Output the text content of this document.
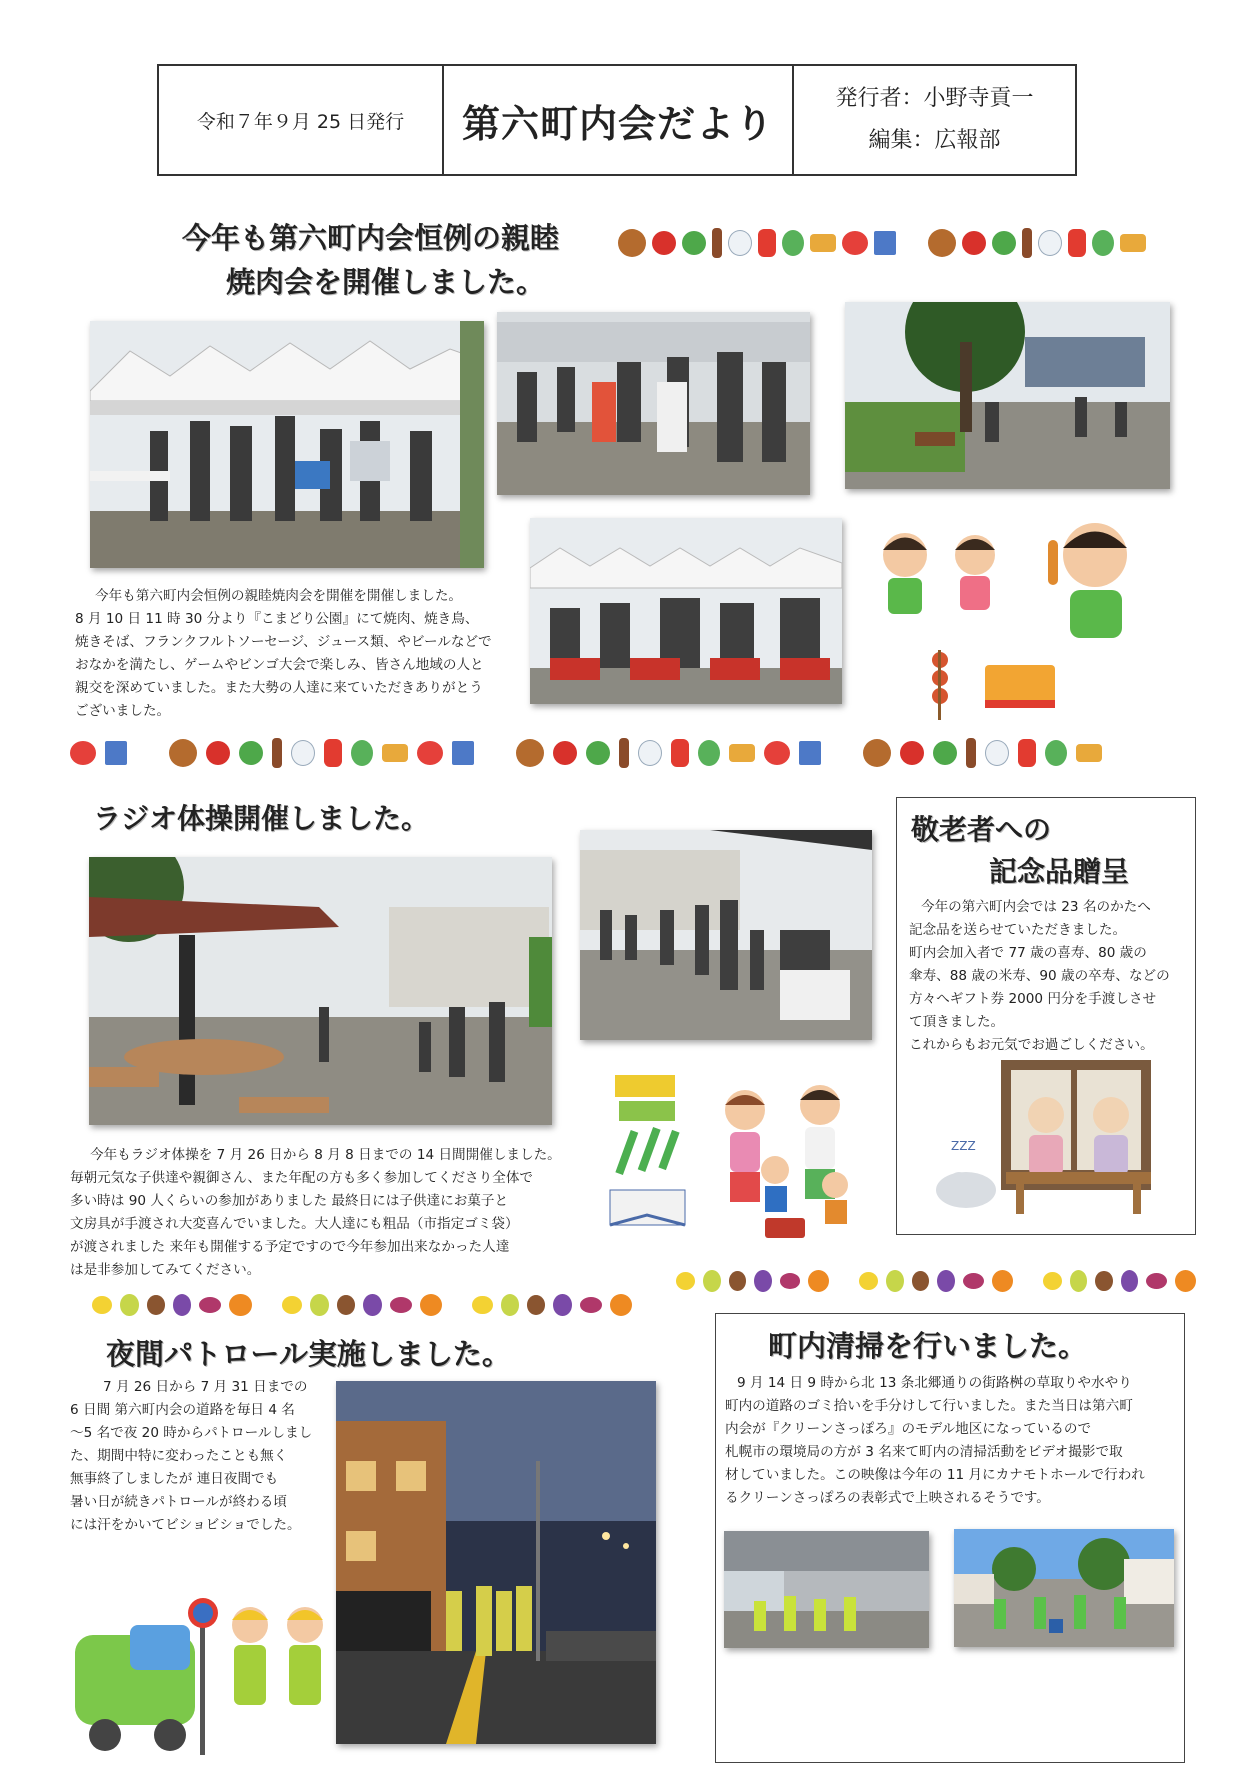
令和７年９月 25 日発行	第六町内会だより
発行者：小野寺貢一
編集：広報部
今年も第六町内会恒例の親睦
焼肉会を開催しました。
今年も第六町内会恒例の親睦焼肉会を開催を開催しました。
8 月 10 日 11 時 30 分より『こまどり公園』にて焼肉、焼き鳥、
焼きそば、フランクフルトソーセージ、ジュース類、やビールなどで
おなかを満たし、ゲームやビンゴ大会で楽しみ、皆さん地域の人と
親交を深めていました。また大勢の人達に来ていただきありがとう
ございました。
ラジオ体操開催しました。
今年もラジオ体操を 7 月 26 日から 8 月 8 日までの 14 日間開催しました。
毎朝元気な子供達や親御さん、また年配の方も多く参加してくださり全体で
多い時は 90 人くらいの参加がありました 最終日には子供達にお菓子と
文房具が手渡され大変喜んでいました。大人達にも粗品（市指定ゴミ袋）
が渡されました 来年も開催する予定ですので今年参加出来なかった人達
は是非参加してみてください。
敬老者への
記念品贈呈
今年の第六町内会では 23 名のかたへ
記念品を送らせていただきました。
町内会加入者で 77 歳の喜寿、80 歳の
傘寿、88 歳の米寿、90 歳の卒寿、などの
方々へギフト券 2000 円分を手渡しさせ
て頂きました。
これからもお元気でお過ごしください。
ZZZ
夜間パトロール実施しました。
7 月 26 日から 7 月 31 日までの
6 日間 第六町内会の道路を毎日 4 名
～5 名で夜 20 時からパトロールしまし
た、期間中特に変わったことも無く
無事終了しましたが 連日夜間でも
暑い日が続きパトロールが終わる頃
には汗をかいてビショビショでした。
町内清掃を行いました。
9 月 14 日 9 時から北 13 条北郷通りの街路桝の草取りや水やり
町内の道路のゴミ拾いを手分けして行いました。また当日は第六町
内会が『クリーンさっぽろ』のモデル地区になっているので
札幌市の環境局の方が 3 名来て町内の清掃活動をビデオ撮影で取
材していました。この映像は今年の 11 月にカナモトホールで行われ
るクリーンさっぽろの表彰式で上映されるそうです。
